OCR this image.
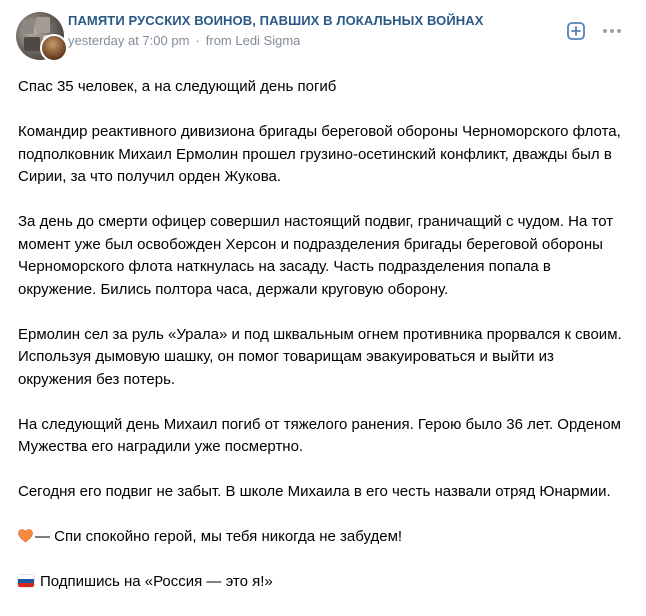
ПАМЯТИ РУССКИХ ВОИНОВ, ПАВШИХ В ЛОКАЛЬНЫХ ВОЙНАХ
yesterday at 7:00 pm · from Ledi Sigma

Спас 35 человек, а на следующий день погиб

Командир реактивного дивизиона бригады береговой обороны Черноморского флота, подполковник Михаил Ермолин прошел грузино-осетинский конфликт, дважды был в Сирии, за что получил орден Жукова.

За день до смерти офицер совершил настоящий подвиг, граничащий с чудом. На тот момент уже был освобожден Херсон и подразделения бригады береговой обороны Черноморского флота наткнулась на засаду. Часть подразделения попала в окружение. Бились полтора часа, держали круговую оборону.

Ермолин сел за руль «Урала» и под шквальным огнем противника прорвался к своим. Используя дымовую шашку, он помог товарищам эвакуироваться и выйти из окружения без потерь.

На следующий день Михаил погиб от тяжелого ранения. Герою было 36 лет. Орденом Мужества его наградили уже посмертно.

Сегодня его подвиг не забыт. В школе Михаила в его честь назвали отряд Юнармии.

— Спи спокойно герой, мы тебя никогда не забудем!

Подпишись на «Россия — это я!»
